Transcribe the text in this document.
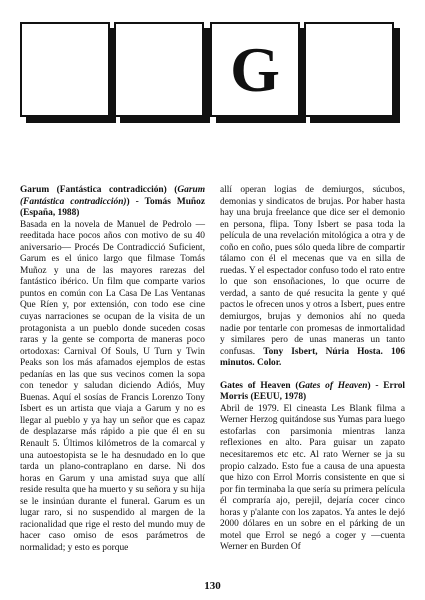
G

Garum (Fantástica contradicción) (Garum (Fantástica contradicción)) - Tomás Muñoz (España, 1988)

Basada en la novela de Manuel de Pedrolo —reeditada hace pocos años con motivo de su 40 aniversario— Procés De Contradicció Suficient, Garum es el único largo que filmase Tomás Muñoz y una de las mayores rarezas del fantástico ibérico. Un film que comparte varios puntos en común con La Casa De Las Ventanas Que Ríen y, por extensión, con todo ese cine cuyas narraciones se ocupan de la visita de un protagonista a un pueblo donde suceden cosas raras y la gente se comporta de maneras poco ortodoxas: Carnival Of Souls, U Turn y Twin Peaks son los más afamados ejemplos de estas pedanías en las que sus vecinos comen la sopa con tenedor y saludan diciendo Adiós, Muy Buenas. Aquí el sosías de Francis Lorenzo Tony Isbert es un artista que viaja a Garum y no es llegar al pueblo y ya hay un señor que es capaz de desplazarse más rápido a pie que él en su Renault 5. Últimos kilómetros de la comarcal y una autoestopista se le ha desnudado en lo que tarda un plano-contraplano en darse. Ni dos horas en Garum y una amistad suya que allí reside resulta que ha muerto y su señora y su hija se le insinúan durante el funeral. Garum es un lugar raro, si no suspendido al margen de la racionalidad que rige el resto del mundo muy de hacer caso omiso de esos parámetros de normalidad; y esto es porque

allí operan logias de demiurgos, súcubos, demonias y sindicatos de brujas. Por haber hasta hay una bruja freelance que dice ser el demonio en persona, flipa. Tony Isbert se pasa toda la película de una revelación mitológica a otra y de coño en coño, pues sólo queda libre de compartir tálamo con él el mecenas que va en silla de ruedas. Y el espectador confuso todo el rato entre lo que son ensoñaciones, lo que ocurre de verdad, a santo de qué resucita la gente y qué pactos le ofrecen unos y otros a Isbert, pues entre demiurgos, brujas y demonios ahí no queda nadie por tentarle con promesas de inmortalidad y similares pero de unas maneras un tanto confusas. Tony Isbert, Núria Hosta. 106 minutos. Color.

Gates of Heaven (Gates of Heaven) - Errol Morris (EEUU, 1978)

Abril de 1979. El cineasta Les Blank filma a Werner Herzog quitándose sus Yumas para luego estofarlas con parsimonia mientras lanza reflexiones en alto. Para guisar un zapato necesitaremos etc etc. Al rato Werner se ja su propio calzado. Esto fue a causa de una apuesta que hizo con Errol Morris consistente en que si por fin terminaba la que sería su primera película él compraría ajo, perejil, dejaría cocer cinco horas y p'alante con los zapatos. Ya antes le dejó 2000 dólares en un sobre en el párking de un motel que Errol se negó a coger y —cuenta Werner en Burden Of

130
